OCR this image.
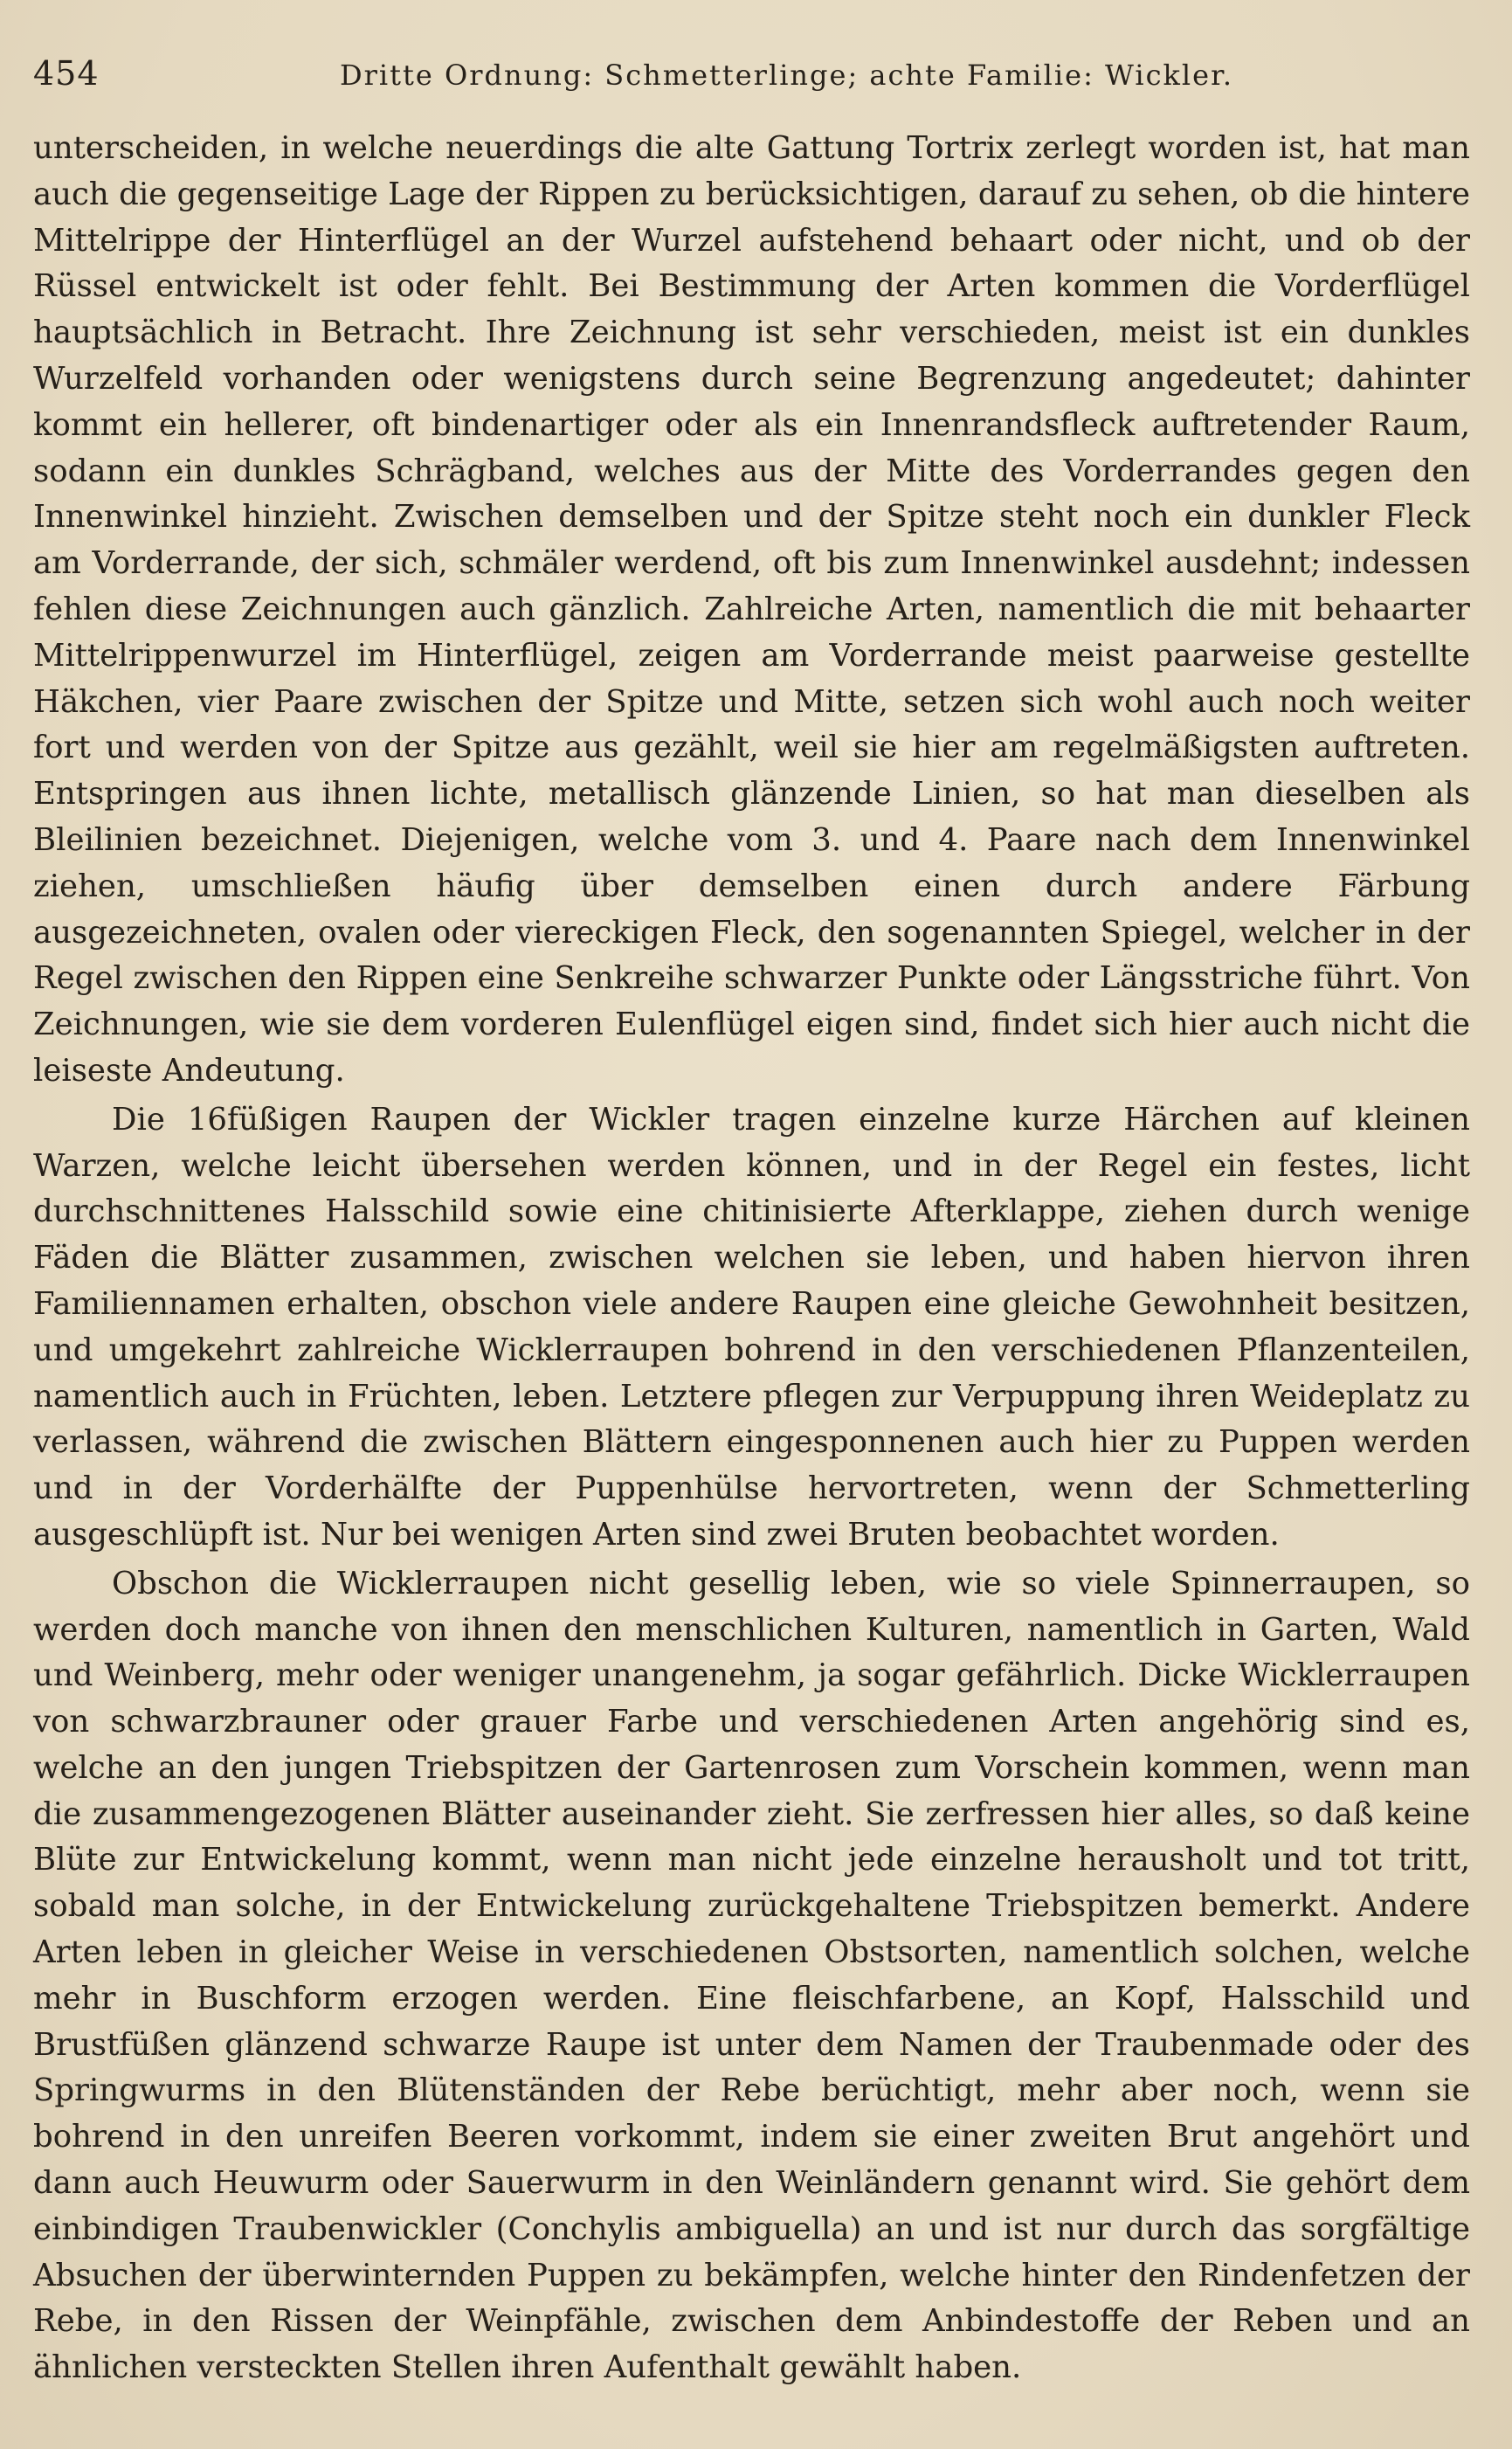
454	Dritte Ordnung: Schmetterlinge; achte Familie: Wickler.

unterscheiden, in welche neuerdings die alte Gattung Tortrix zerlegt worden ist, hat man auch die gegenseitige Lage der Rippen zu berücksichtigen, darauf zu sehen, ob die hintere Mittelrippe der Hinterflügel an der Wurzel aufstehend behaart oder nicht, und ob der Rüssel entwickelt ist oder fehlt. Bei Bestimmung der Arten kommen die Vorderflügel hauptsächlich in Betracht. Ihre Zeichnung ist sehr verschieden, meist ist ein dunkles Wurzelfeld vorhanden oder wenigstens durch seine Begrenzung angedeutet; dahinter kommt ein hellerer, oft bindenartiger oder als ein Innenrandsfleck auftretender Raum, sodann ein dunkles Schrägband, welches aus der Mitte des Vorderrandes gegen den Innenwinkel hinzieht. Zwischen demselben und der Spitze steht noch ein dunkler Fleck am Vorderrande, der sich, schmäler werdend, oft bis zum Innenwinkel ausdehnt; indessen fehlen diese Zeichnungen auch gänzlich. Zahlreiche Arten, namentlich die mit behaarter Mittelrippenwurzel im Hinterflügel, zeigen am Vorderrande meist paarweise gestellte Häkchen, vier Paare zwischen der Spitze und Mitte, setzen sich wohl auch noch weiter fort und werden von der Spitze aus gezählt, weil sie hier am regelmäßigsten auftreten. Entspringen aus ihnen lichte, metallisch glänzende Linien, so hat man dieselben als Bleilinien bezeichnet. Diejenigen, welche vom 3. und 4. Paare nach dem Innenwinkel ziehen, umschließen häufig über demselben einen durch andere Färbung ausgezeichneten, ovalen oder viereckigen Fleck, den sogenannten Spiegel, welcher in der Regel zwischen den Rippen eine Senkreihe schwarzer Punkte oder Längsstriche führt. Von Zeichnungen, wie sie dem vorderen Eulenflügel eigen sind, findet sich hier auch nicht die leiseste Andeutung.

Die 16füßigen Raupen der Wickler tragen einzelne kurze Härchen auf kleinen Warzen, welche leicht übersehen werden können, und in der Regel ein festes, licht durchschnittenes Halsschild sowie eine chitinisierte Afterklappe, ziehen durch wenige Fäden die Blätter zusammen, zwischen welchen sie leben, und haben hiervon ihren Familiennamen erhalten, obschon viele andere Raupen eine gleiche Gewohnheit besitzen, und umgekehrt zahlreiche Wicklerraupen bohrend in den verschiedenen Pflanzenteilen, namentlich auch in Früchten, leben. Letztere pflegen zur Verpuppung ihren Weideplatz zu verlassen, während die zwischen Blättern eingesponnenen auch hier zu Puppen werden und in der Vorderhälfte der Puppenhülse hervortreten, wenn der Schmetterling ausgeschlüpft ist. Nur bei wenigen Arten sind zwei Bruten beobachtet worden.

Obschon die Wicklerraupen nicht gesellig leben, wie so viele Spinnerraupen, so werden doch manche von ihnen den menschlichen Kulturen, namentlich in Garten, Wald und Weinberg, mehr oder weniger unangenehm, ja sogar gefährlich. Dicke Wicklerraupen von schwarzbrauner oder grauer Farbe und verschiedenen Arten angehörig sind es, welche an den jungen Triebspitzen der Gartenrosen zum Vorschein kommen, wenn man die zusammengezogenen Blätter auseinander zieht. Sie zerfressen hier alles, so daß keine Blüte zur Entwickelung kommt, wenn man nicht jede einzelne herausholt und tot tritt, sobald man solche, in der Entwickelung zurückgehaltene Triebspitzen bemerkt. Andere Arten leben in gleicher Weise in verschiedenen Obstsorten, namentlich solchen, welche mehr in Buschform erzogen werden. Eine fleischfarbene, an Kopf, Halsschild und Brustfüßen glänzend schwarze Raupe ist unter dem Namen der Traubenmade oder des Springwurms in den Blütenständen der Rebe berüchtigt, mehr aber noch, wenn sie bohrend in den unreifen Beeren vorkommt, indem sie einer zweiten Brut angehört und dann auch Heuwurm oder Sauerwurm in den Weinländern genannt wird. Sie gehört dem einbindigen Traubenwickler (Conchylis ambiguella) an und ist nur durch das sorgfältige Absuchen der überwinternden Puppen zu bekämpfen, welche hinter den Rindenfetzen der Rebe, in den Rissen der Weinpfähle, zwischen dem Anbindestoffe der Reben und an ähnlichen versteckten Stellen ihren Aufenthalt gewählt haben.
